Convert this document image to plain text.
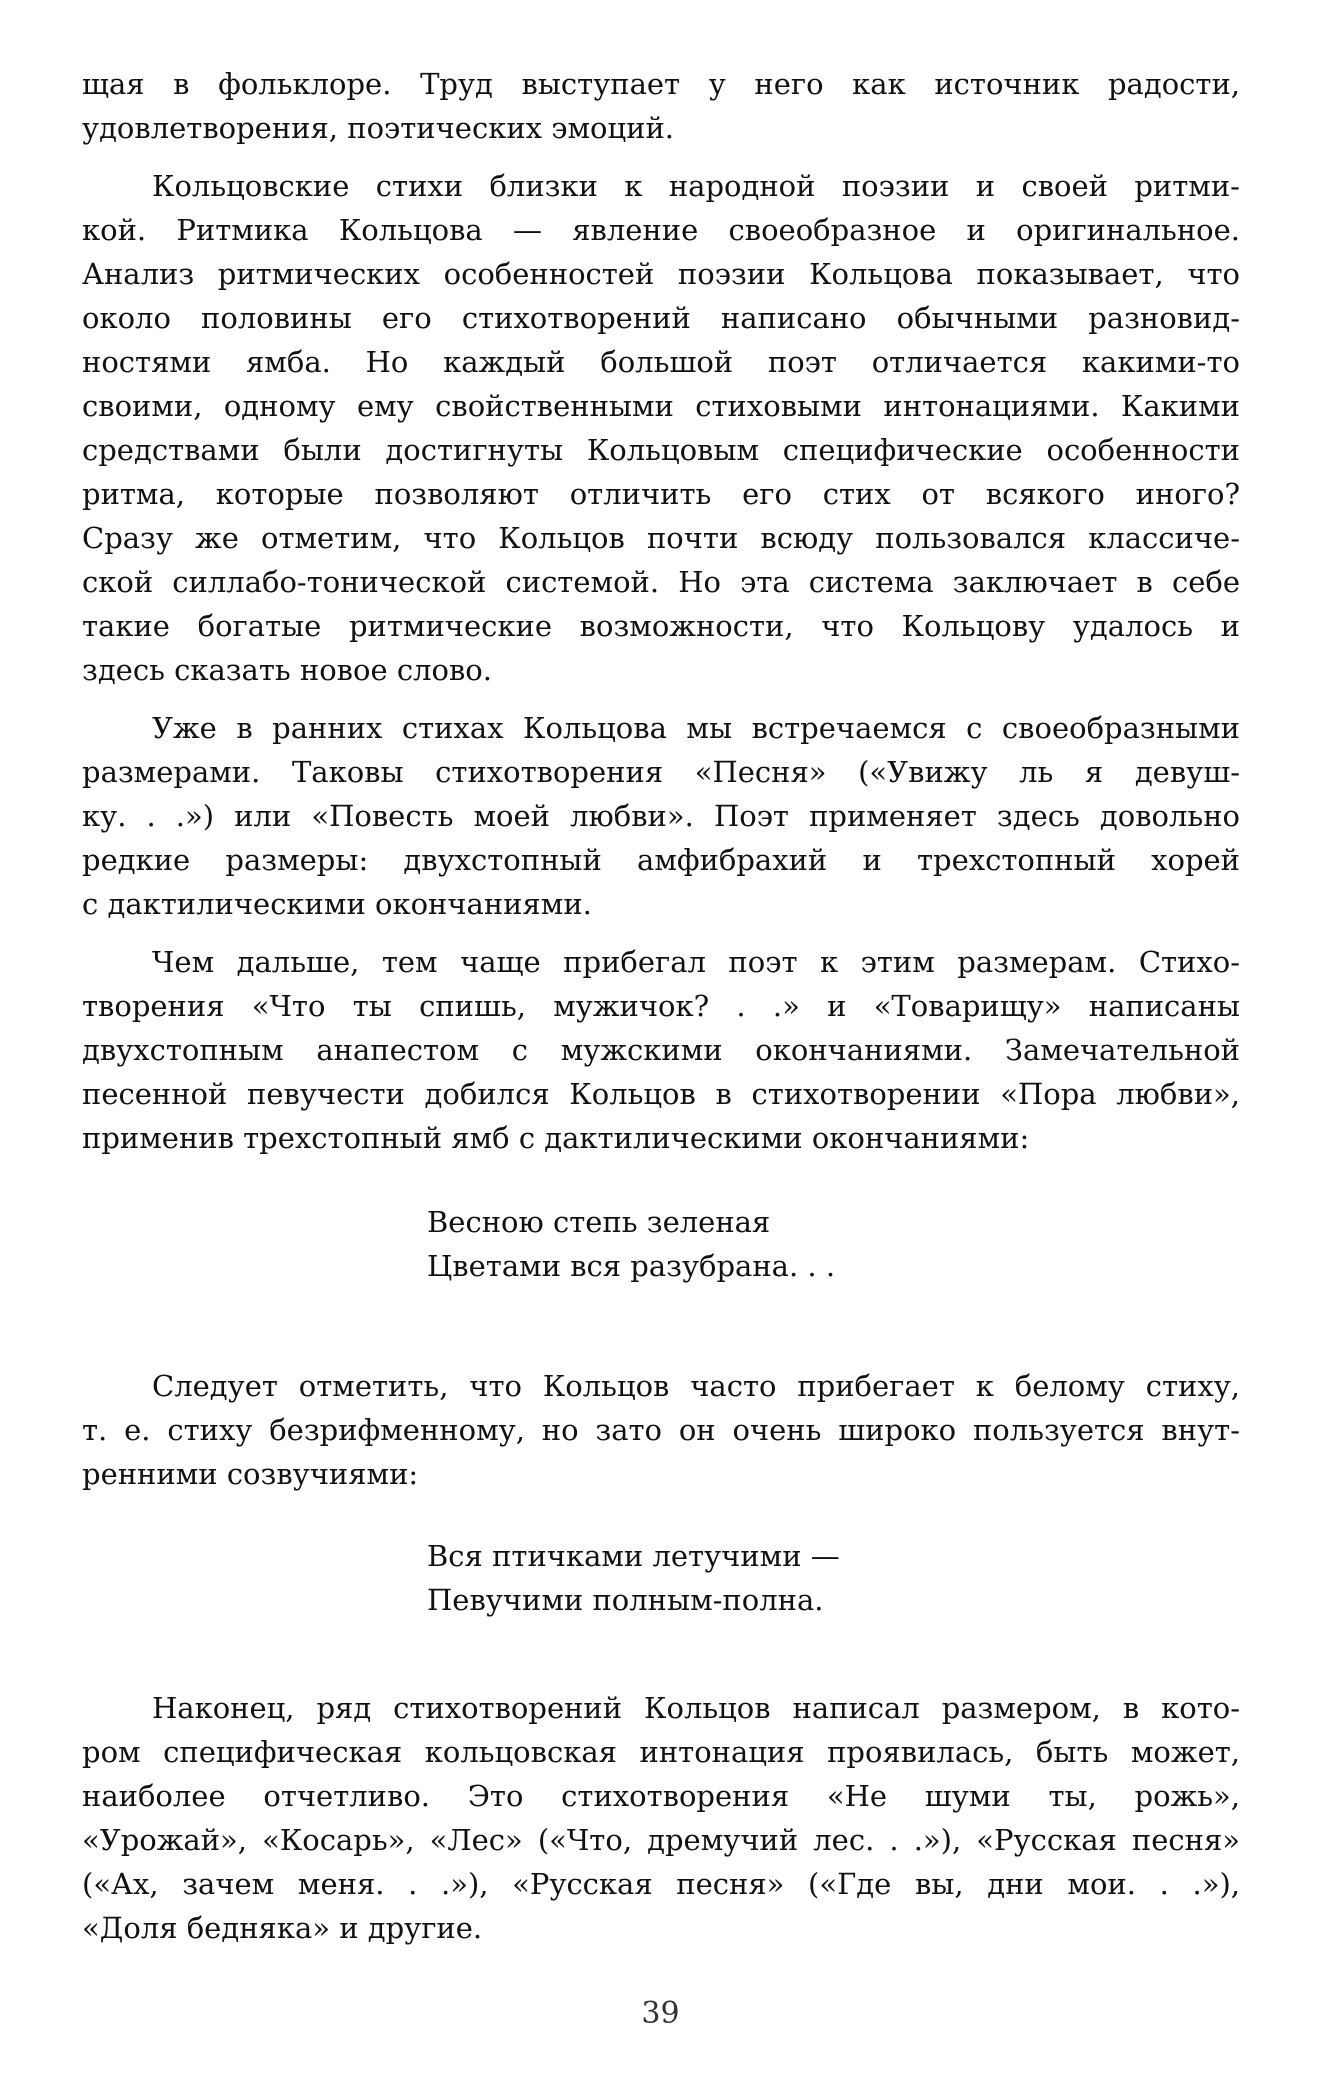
щая в фольклоре. Труд выступает у него как источник радости,
удовлетворения, поэтических эмоций.

Кольцовские стихи близки к народной поэзии и своей ритми-
кой. Ритмика Кольцова — явление своеобразное и оригинальное.
Анализ ритмических особенностей поэзии Кольцова показывает, что
около половины его стихотворений написано обычными разновид-
ностями ямба. Но каждый большой поэт отличается какими-то
своими, одному ему свойственными стиховыми интонациями. Какими
средствами были достигнуты Кольцовым специфические особенности
ритма, которые позволяют отличить его стих от всякого иного?
Сразу же отметим, что Кольцов почти всюду пользовался классиче-
ской силлабо-тонической системой. Но эта система заключает в себе
такие богатые ритмические возможности, что Кольцову удалось и
здесь сказать новое слово.

Уже в ранних стихах Кольцова мы встречаемся с своеобразными
размерами. Таковы стихотворения «Песня» («Увижу ль я девуш-
ку. . .») или «Повесть моей любви». Поэт применяет здесь довольно
редкие размеры: двухстопный амфибрахий и трехстопный хорей
с дактилическими окончаниями.

Чем дальше, тем чаще прибегал поэт к этим размерам. Стихо-
творения «Что ты спишь, мужичок? . .» и «Товарищу» написаны
двухстопным анапестом с мужскими окончаниями. Замечательной
песенной певучести добился Кольцов в стихотворении «Пора любви»,
применив трехстопный ямб с дактилическими окончаниями:

Весною степь зеленая
Цветами вся разубрана. . .

Следует отметить, что Кольцов часто прибегает к белому стиху,
т. е. стиху безрифменному, но зато он очень широко пользуется внут-
ренними созвучиями:

Вся птичками летучими —
Певучими полным-полна.

Наконец, ряд стихотворений Кольцов написал размером, в кото-
ром специфическая кольцовская интонация проявилась, быть может,
наиболее отчетливо. Это стихотворения «Не шуми ты, рожь»,
«Урожай», «Косарь», «Лес» («Что, дремучий лес. . .»), «Русская песня»
(«Ах, зачем меня. . .»), «Русская песня» («Где вы, дни мои. . .»),
«Доля бедняка» и другие.

39
